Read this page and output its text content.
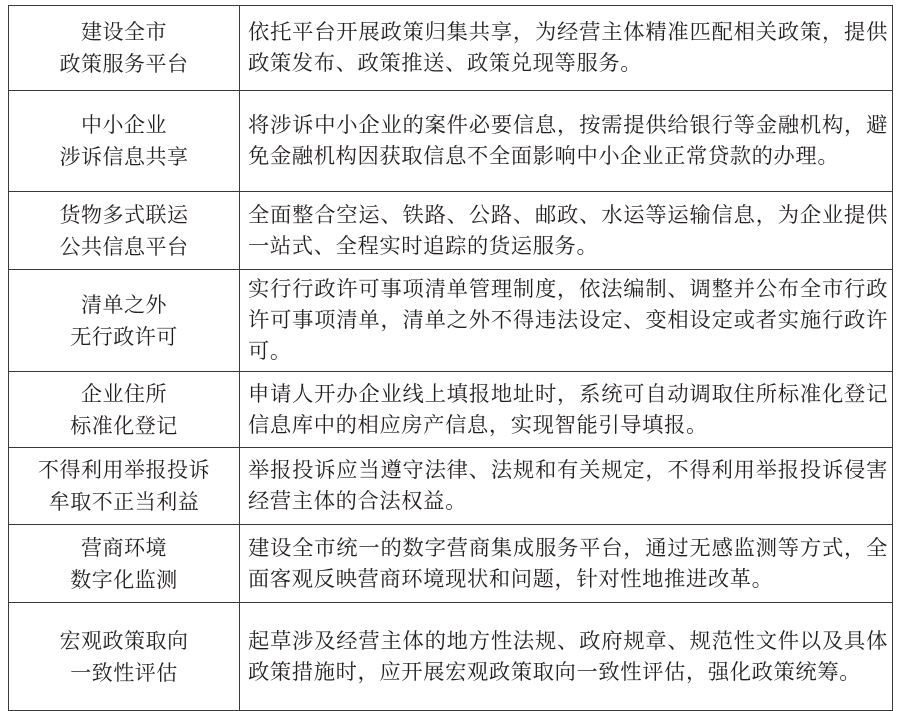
建设全市
政策服务平台	依托平台开展政策归集共享，为经营主体精准匹配相关政策，提供政策发布、政策推送、政策兑现等服务。

中小企业
涉诉信息共享	将涉诉中小企业的案件必要信息，按需提供给银行等金融机构，避免金融机构因获取信息不全面影响中小企业正常贷款的办理。

货物多式联运
公共信息平台	全面整合空运、铁路、公路、邮政、水运等运输信息，为企业提供一站式、全程实时追踪的货运服务。

清单之外
无行政许可	实行行政许可事项清单管理制度，依法编制、调整并公布全市行政许可事项清单，清单之外不得违法设定、变相设定或者实施行政许可。

企业住所
标准化登记	申请人开办企业线上填报地址时，系统可自动调取住所标准化登记信息库中的相应房产信息，实现智能引导填报。

不得利用举报投诉
牟取不正当利益	举报投诉应当遵守法律、法规和有关规定，不得利用举报投诉侵害经营主体的合法权益。

营商环境
数字化监测	建设全市统一的数字营商集成服务平台，通过无感监测等方式，全面客观反映营商环境现状和问题，针对性地推进改革。

宏观政策取向
一致性评估	起草涉及经营主体的地方性法规、政府规章、规范性文件以及具体政策措施时，应开展宏观政策取向一致性评估，强化政策统筹。
